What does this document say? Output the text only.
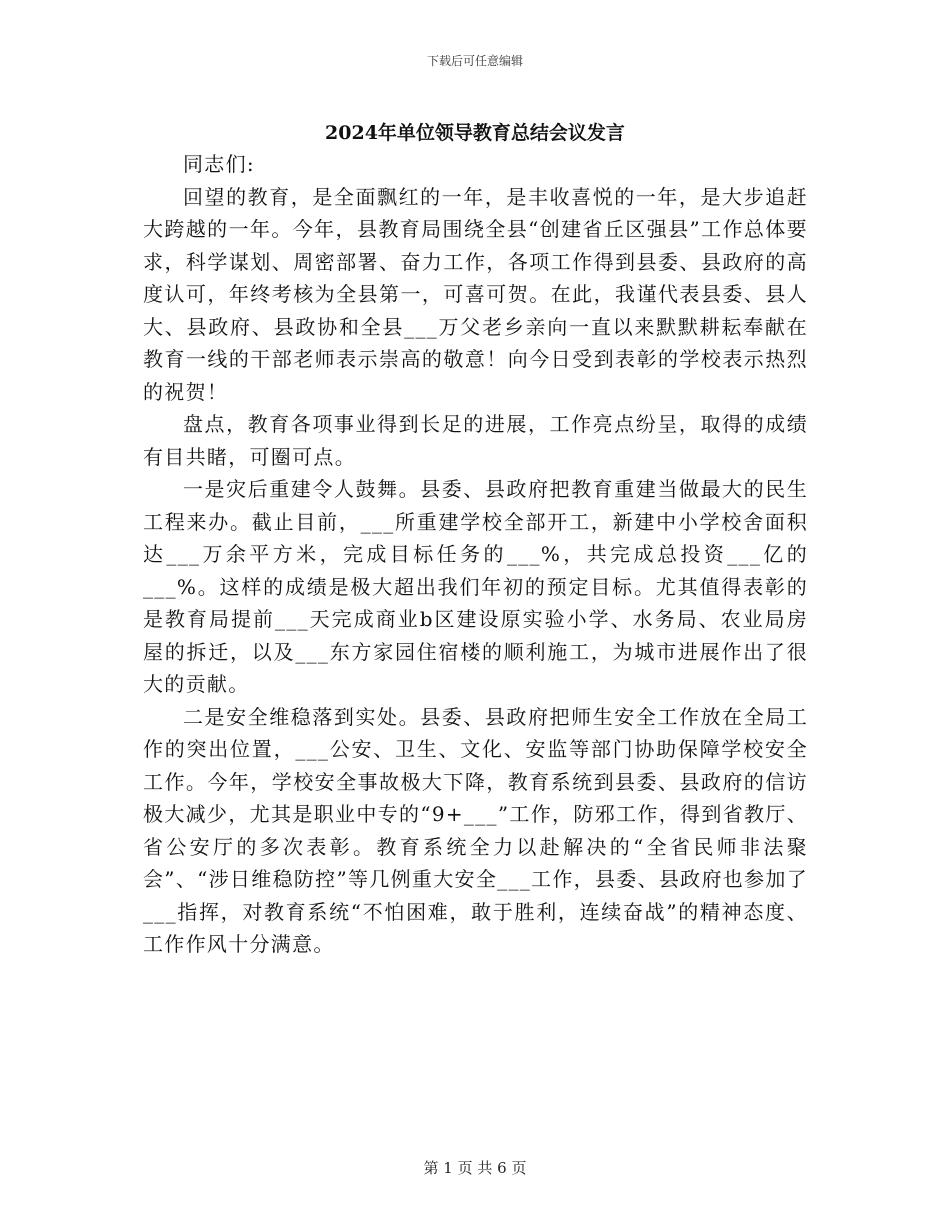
下载后可任意编辑
2024年单位领导教育总结会议发言

同志们:

回望的教育，是全面飘红的一年，是丰收喜悦的一年，是大步追赶大跨越的一年。今年，县教育局围绕全县“创建省丘区强县”工作总体要求，科学谋划、周密部署、奋力工作，各项工作得到县委、县政府的高度认可，年终考核为全县第一，可喜可贺。在此，我谨代表县委、县人大、县政府、县政协和全县___万父老乡亲向一直以来默默耕耘奉献在教育一线的干部老师表示崇高的敬意！向今日受到表彰的学校表示热烈的祝贺！

盘点，教育各项事业得到长足的进展，工作亮点纷呈，取得的成绩有目共睹，可圈可点。

一是灾后重建令人鼓舞。县委、县政府把教育重建当做最大的民生工程来办。截止目前，___所重建学校全部开工，新建中小学校舍面积达___万余平方米，完成目标任务的___%，共完成总投资___亿的___%。这样的成绩是极大超出我们年初的预定目标。尤其值得表彰的是教育局提前___天完成商业b区建设原实验小学、水务局、农业局房屋的拆迁，以及___东方家园住宿楼的顺利施工，为城市进展作出了很大的贡献。

二是安全维稳落到实处。县委、县政府把师生安全工作放在全局工作的突出位置，___公安、卫生、文化、安监等部门协助保障学校安全工作。今年，学校安全事故极大下降，教育系统到县委、县政府的信访极大减少，尤其是职业中专的“9+___”工作，防邪工作，得到省教厅、省公安厅的多次表彰。教育系统全力以赴解决的“全省民师非法聚会”、“涉日维稳防控”等几例重大安全___工作，县委、县政府也参加了___指挥，对教育系统“不怕困难，敢于胜利，连续奋战”的精神态度、工作作风十分满意。

第 1 页 共 6 页
